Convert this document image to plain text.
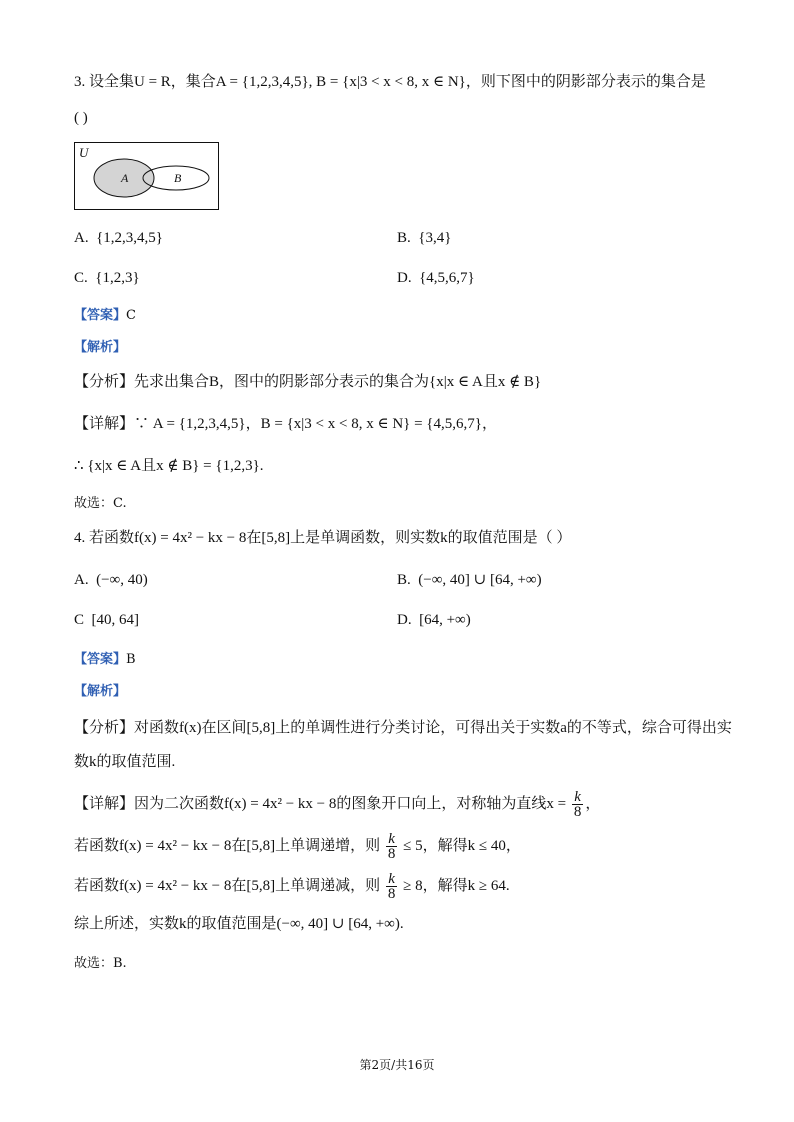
3. 设全集U = R，集合A = {1,2,3,4,5}, B = {x|3 < x < 8, x ∈ N}，则下图中的阴影部分表示的集合是
( )
U
A	B
A. {1,2,3,4,5}	B. {3,4}
C. {1,2,3}	D. {4,5,6,7}
【答案】C
【解析】
【分析】先求出集合B，图中的阴影部分表示的集合为{x|x ∈ A且x ∉ B}
【详解】∵ A = {1,2,3,4,5}，B = {x|3 < x < 8, x ∈ N} = {4,5,6,7}，
∴ {x|x ∈ A且x ∉ B} = {1,2,3}.
故选：C.
4. 若函数f(x) = 4x² − kx − 8在[5,8]上是单调函数，则实数k的取值范围是（ ）
A. (−∞, 40)	B. (−∞, 40] ∪ [64, +∞)
C [40, 64]	D. [64, +∞)
【答案】B
【解析】
【分析】对函数f(x)在区间[5,8]上的单调性进行分类讨论，可得出关于实数a的不等式，综合可得出实
数k的取值范围.
【详解】因为二次函数f(x) = 4x² − kx − 8的图象开口向上，对称轴为直线$x = \frac{k}{8}$ ，
若函数f(x) = 4x² − kx − 8在[5,8]上单调递增，则 $\frac{k}{8} \le 5$，解得k ≤ 40，
若函数f(x) = 4x² − kx − 8在[5,8]上单调递减，则 $\frac{k}{8} \ge 8$，解得k ≥ 64.
综上所述，实数k的取值范围是(−∞, 40] ∪ [64, +∞).
故选：B.
第2页/共16页
